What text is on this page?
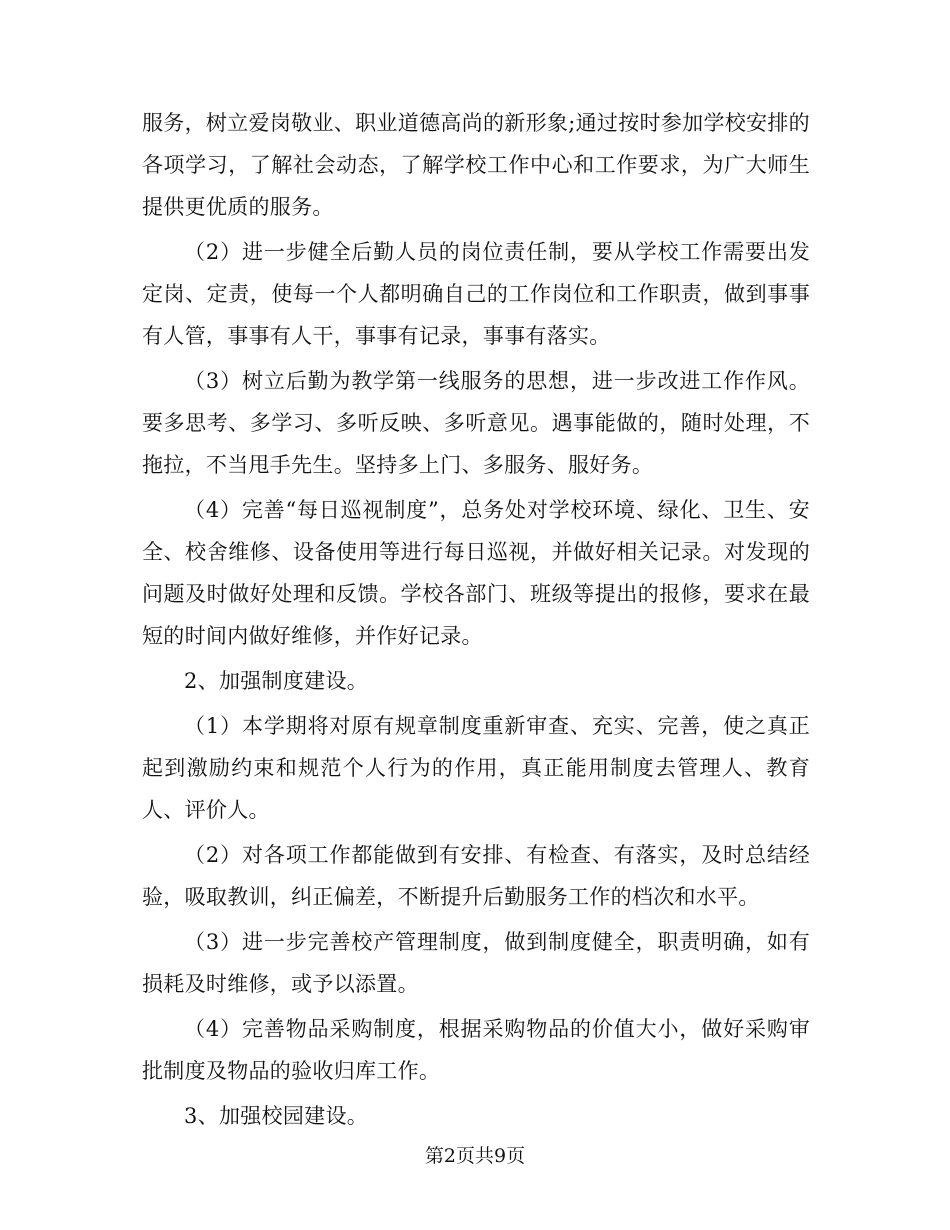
服务，树立爱岗敬业、职业道德高尚的新形象;通过按时参加学校安排的各项学习，了解社会动态，了解学校工作中心和工作要求，为广大师生提供更优质的服务。

（2）进一步健全后勤人员的岗位责任制，要从学校工作需要出发定岗、定责，使每一个人都明确自己的工作岗位和工作职责，做到事事有人管，事事有人干，事事有记录，事事有落实。

（3）树立后勤为教学第一线服务的思想，进一步改进工作作风。要多思考、多学习、多听反映、多听意见。遇事能做的，随时处理，不拖拉，不当甩手先生。坚持多上门、多服务、服好务。

（4）完善“每日巡视制度”，总务处对学校环境、绿化、卫生、安全、校舍维修、设备使用等进行每日巡视，并做好相关记录。对发现的问题及时做好处理和反馈。学校各部门、班级等提出的报修，要求在最短的时间内做好维修，并作好记录。

2、加强制度建设。

（1）本学期将对原有规章制度重新审查、充实、完善，使之真正起到激励约束和规范个人行为的作用，真正能用制度去管理人、教育人、评价人。

（2）对各项工作都能做到有安排、有检查、有落实，及时总结经验，吸取教训，纠正偏差，不断提升后勤服务工作的档次和水平。

（3）进一步完善校产管理制度，做到制度健全，职责明确，如有损耗及时维修，或予以添置。

（4）完善物品采购制度，根据采购物品的价值大小，做好采购审批制度及物品的验收归库工作。

3、加强校园建设。

第2页共9页
